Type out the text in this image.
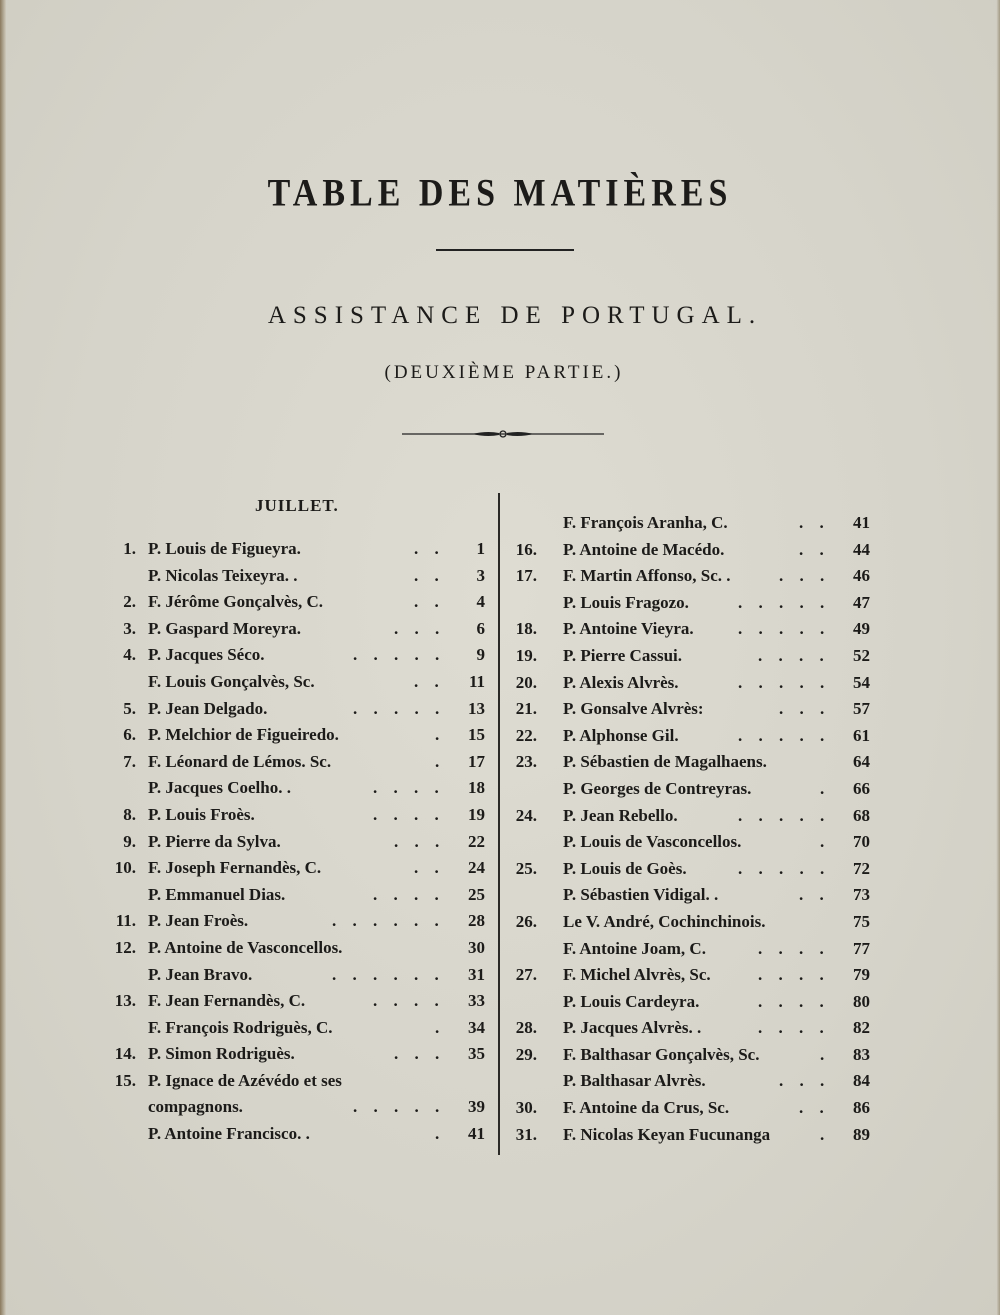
TABLE DES MATIÈRES
ASSISTANCE DE PORTUGAL.
(DEUXIÈME PARTIE.)
JUILLET.
1. P. Louis de Figueyra.	. .	1
P. Nicolas Teixeyra. .	. .	3
2. F. Jérôme Gonçalvès, C.	. .	4
3. P. Gaspard Moreyra.	. . .	6
4. P. Jacques Séco.	. . . . .	9
F. Louis Gonçalvès, Sc.	. .	11
5. P. Jean Delgado.	. . . . .	13
6. P. Melchior de Figueiredo.	.	15
7. F. Léonard de Lémos. Sc.	.	17
P. Jacques Coelho. .	. . . .	18
8. P. Louis Froès.	. . . .	19
9. P. Pierre da Sylva.	. . .	22
10. F. Joseph Fernandès, C.	. .	24
P. Emmanuel Dias.	. . . .	25
11. P. Jean Froès.	. . . . . .	28
12. P. Antoine de Vasconcellos.	30
P. Jean Bravo.	. . . . . .	31
13. F. Jean Fernandès, C.	. . . .	33
F. François Rodriguès, C.	.	34
14. P. Simon Rodriguès.	. . .	35
15. P. Ignace de Azévédo et ses
compagnons.	. . . . .	39
P. Antoine Francisco. .	.	41
F. François Aranha, C.	. .	41
16. P. Antoine de Macédo.	. .	44
17. F. Martin Affonso, Sc. .	. . .	46
P. Louis Fragozo.	. . . . .	47
18. P. Antoine Vieyra.	. . . . .	49
19. P. Pierre Cassui.	. . . .	52
20. P. Alexis Alvrès.	. . . . .	54
21. P. Gonsalve Alvrès:	. . .	57
22. P. Alphonse Gil.	. . . . .	61
23. P. Sébastien de Magalhaens.	64
P. Georges de Contreyras.	.	66
24. P. Jean Rebello.	. . . . .	68
P. Louis de Vasconcellos.	.	70
25. P. Louis de Goès.	. . . . .	72
P. Sébastien Vidigal. .	. .	73
26. Le V. André, Cochinchinois.	75
F. Antoine Joam, C.	. . . .	77
27. F. Michel Alvrès, Sc.	. . . .	79
P. Louis Cardeyra.	. . . .	80
28. P. Jacques Alvrès. .	. . . .	82
29. F. Balthasar Gonçalvès, Sc.	.	83
P. Balthasar Alvrès.	. . .	84
30. F. Antoine da Crus, Sc.	. .	86
31. F. Nicolas Keyan Fucunanga	.	89
